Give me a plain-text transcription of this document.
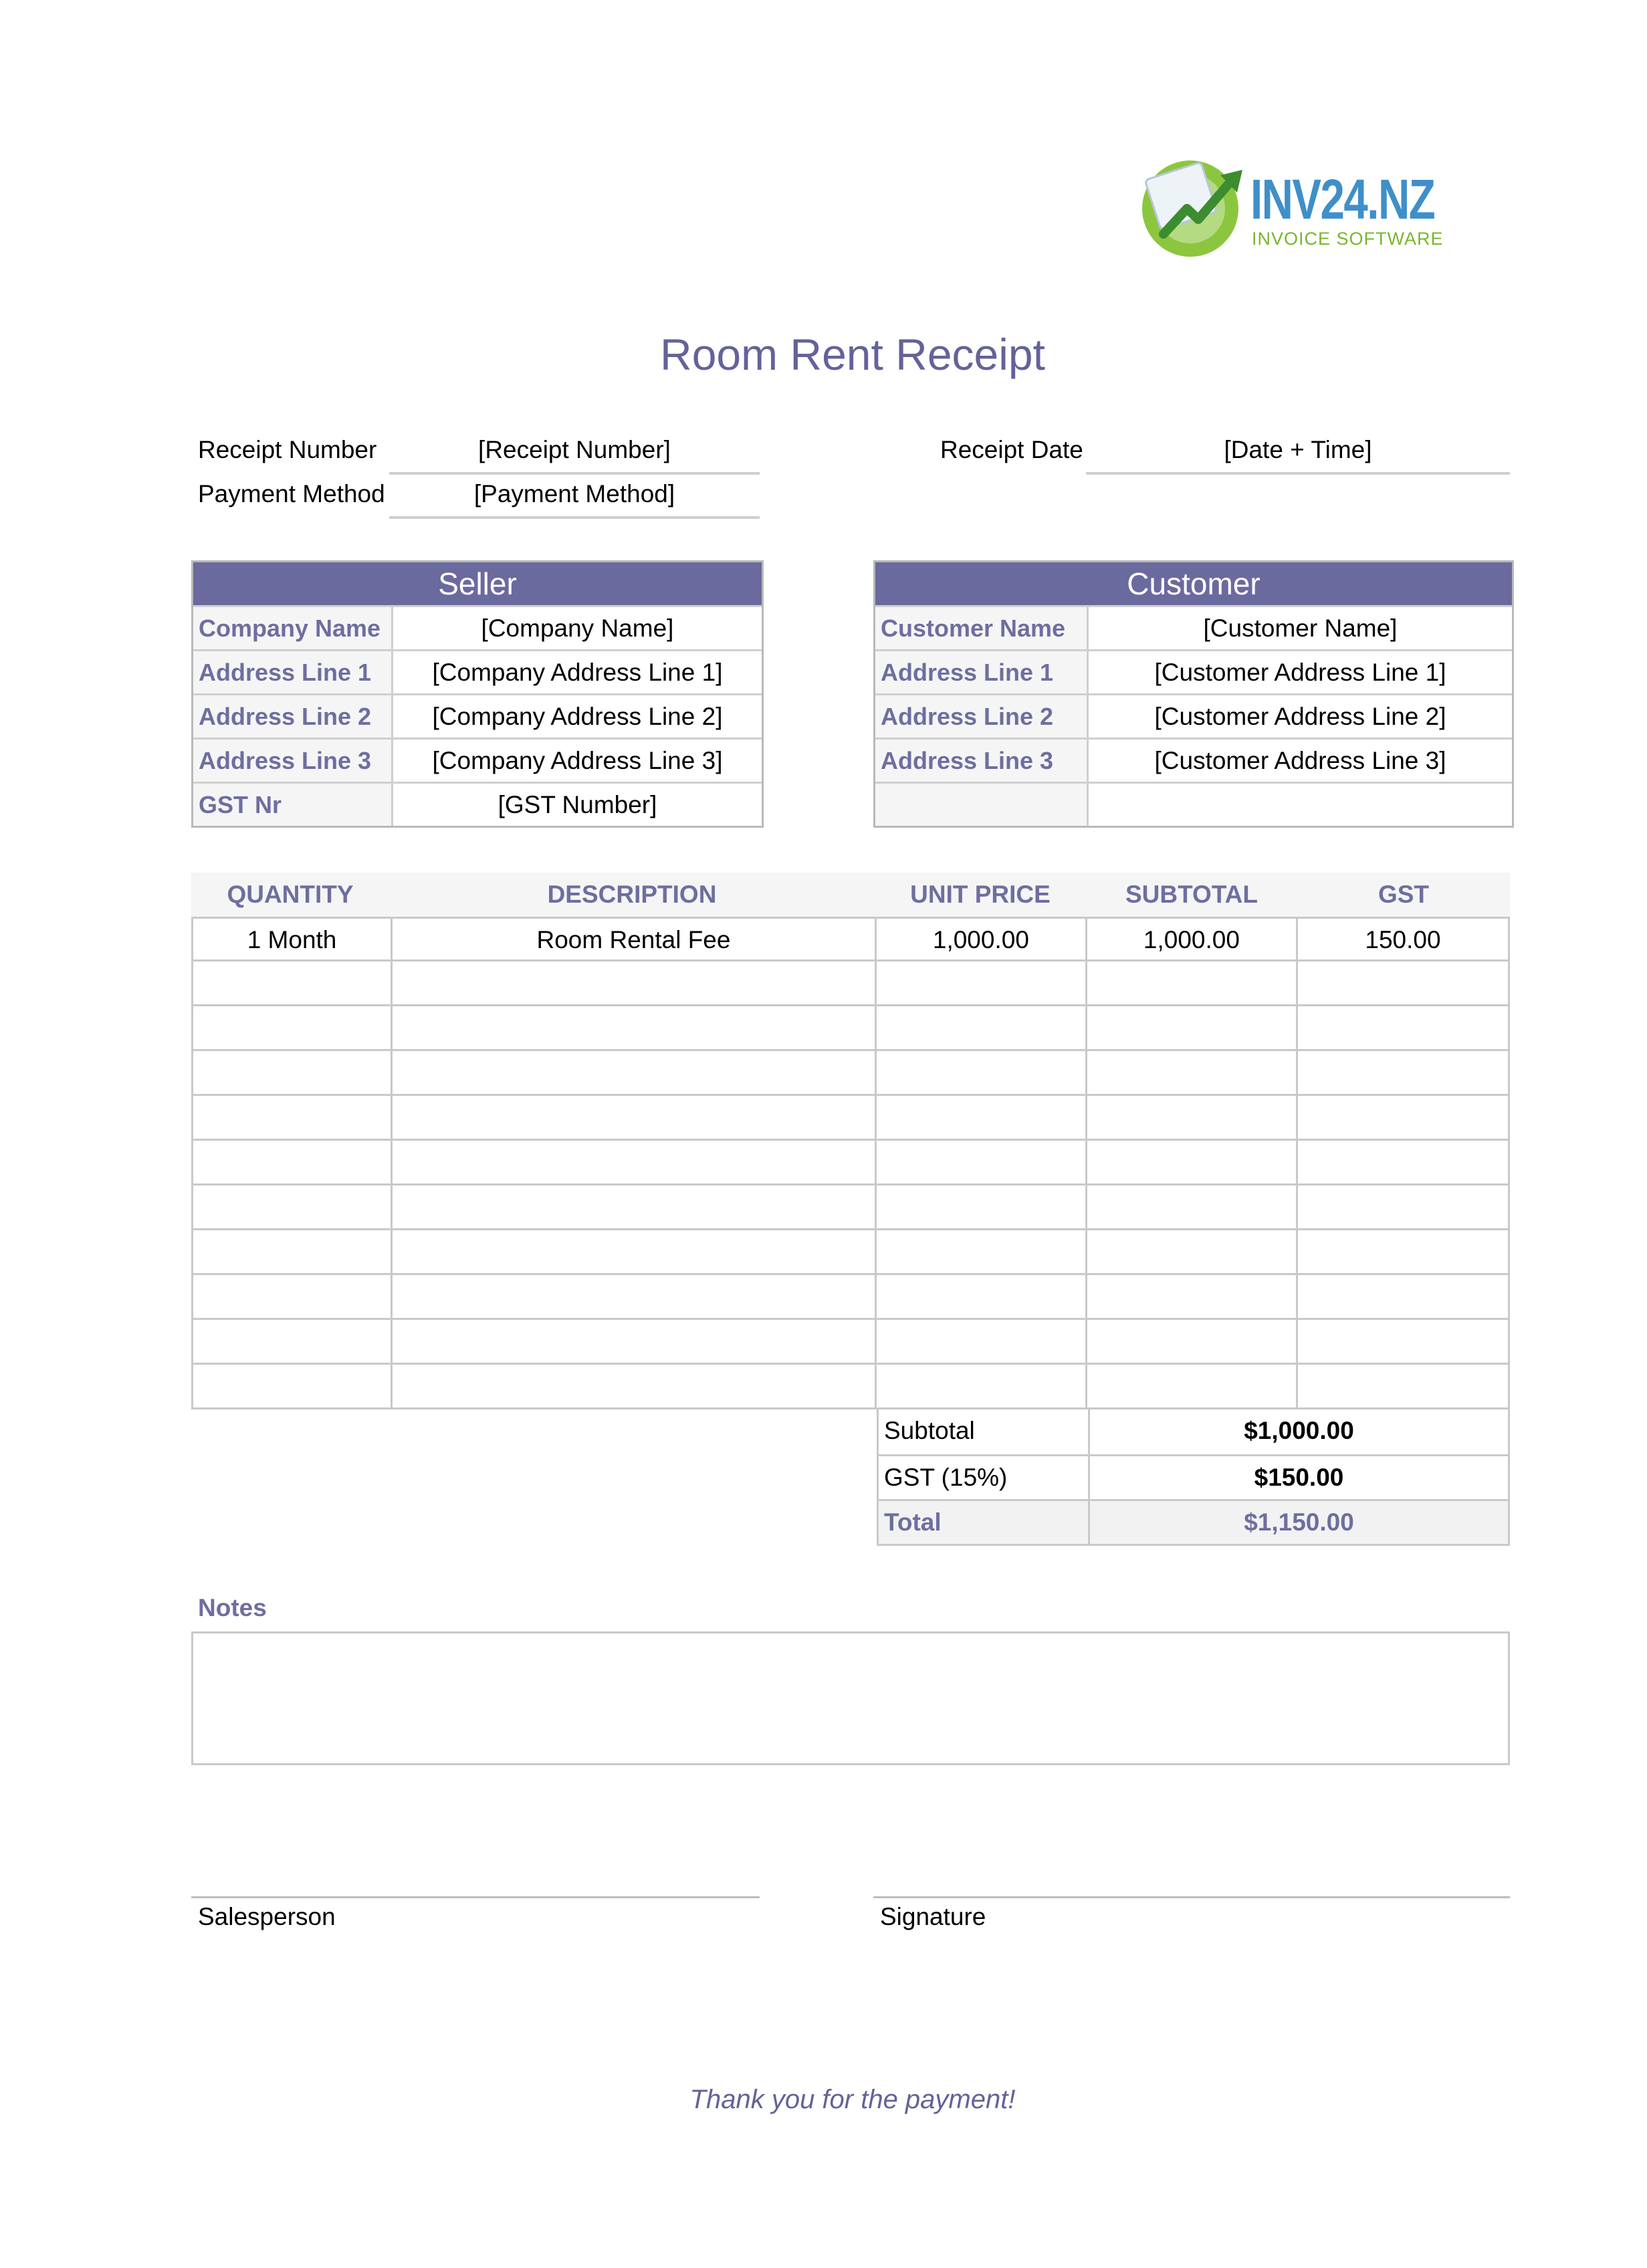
INV24.NZ
INVOICE SOFTWARE
Room Rent Receipt
Receipt Number	[Receipt Number]
Payment Method	[Payment Method]
Receipt Date	[Date + Time]
Seller
Company Name	[Company Name]
Address Line 1	[Company Address Line 1]
Address Line 2	[Company Address Line 2]
Address Line 3	[Company Address Line 3]
GST Nr	[GST Number]
Customer
Customer Name	[Customer Name]
Address Line 1	[Customer Address Line 1]
Address Line 2	[Customer Address Line 2]
Address Line 3	[Customer Address Line 3]
QUANTITY	DESCRIPTION	UNIT PRICE	SUBTOTAL	GST
1 Month	Room Rental Fee	1,000.00	1,000.00	150.00
Subtotal	$1,000.00
GST (15%)	$150.00
Total	$1,150.00
Notes
Salesperson	Signature
Thank you for the payment!
